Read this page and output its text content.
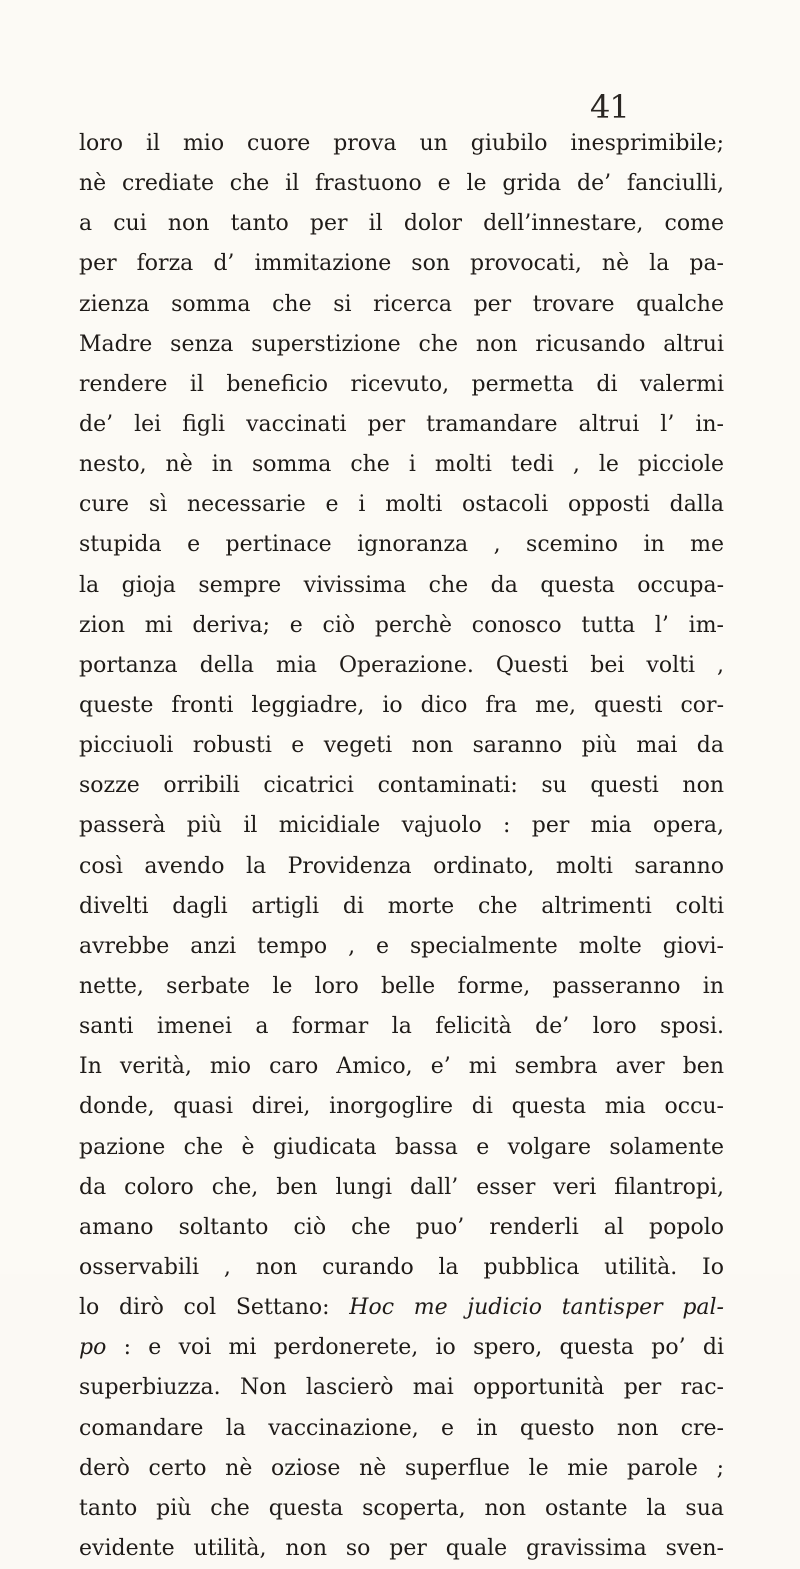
41
loro il mio cuore prova un giubilo inesprimibile;
nè crediate che il frastuono e le grida de’ fanciulli,
a cui non tanto per il dolor dell’innestare, come
per forza d’ immitazione son provocati, nè la pa-
zienza somma che si ricerca per trovare qualche
Madre senza superstizione che non ricusando altrui
rendere il beneficio ricevuto, permetta di valermi
de’ lei figli vaccinati per tramandare altrui l’ in-
nesto, nè in somma che i molti tedi , le picciole
cure sì necessarie e i molti ostacoli opposti dalla
stupida e pertinace ignoranza , scemino in me
la gioja sempre vivissima che da questa occupa-
zion mi deriva; e ciò perchè conosco tutta l’ im-
portanza della mia Operazione. Questi bei volti ,
queste fronti leggiadre, io dico fra me, questi cor-
picciuoli robusti e vegeti non saranno più mai da
sozze orribili cicatrici contaminati: su questi non
passerà più il micidiale vajuolo : per mia opera,
così avendo la Providenza ordinato, molti saranno
divelti dagli artigli di morte che altrimenti colti
avrebbe anzi tempo , e specialmente molte giovi-
nette, serbate le loro belle forme, passeranno in
santi imenei a formar la felicità de’ loro sposi.
In verità, mio caro Amico, e’ mi sembra aver ben
donde, quasi direi, inorgoglire di questa mia occu-
pazione che è giudicata bassa e volgare solamente
da coloro che, ben lungi dall’ esser veri filantropi,
amano soltanto ciò che puo’ renderli al popolo
osservabili , non curando la pubblica utilità. Io
lo dirò col Settano: Hoc me judicio tantisper pal-
po : e voi mi perdonerete, io spero, questa po’ di
superbiuzza. Non lascierò mai opportunità per rac-
comandare la vaccinazione, e in questo non cre-
derò certo nè oziose nè superflue le mie parole ;
tanto più che questa scoperta, non ostante la sua
evidente utilità, non so per quale gravissima sven-
